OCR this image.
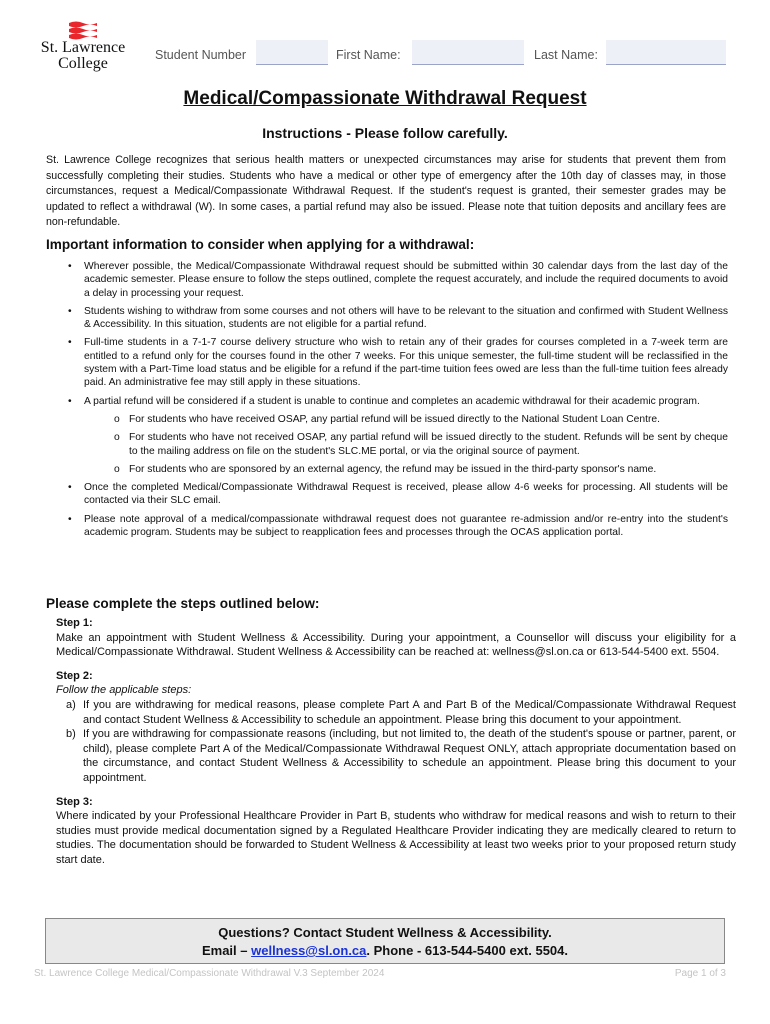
St. Lawrence
College	Student Number	First Name:	Last Name:
Medical/Compassionate Withdrawal Request
Instructions - Please follow carefully.
St. Lawrence College recognizes that serious health matters or unexpected circumstances may arise for students that prevent them from successfully completing their studies. Students who have a medical or other type of emergency after the 10th day of classes may, in those circumstances, request a Medical/Compassionate Withdrawal Request. If the student's request is granted, their semester grades may be updated to reflect a withdrawal (W). In some cases, a partial refund may also be issued. Please note that tuition deposits and ancillary fees are non-refundable.
Important information to consider when applying for a withdrawal:
• Wherever possible, the Medical/Compassionate Withdrawal request should be submitted within 30 calendar days from the last day of the academic semester. Please ensure to follow the steps outlined, complete the request accurately, and include the required documents to avoid a delay in processing your request.
• Students wishing to withdraw from some courses and not others will have to be relevant to the situation and confirmed with Student Wellness & Accessibility. In this situation, students are not eligible for a partial refund.
• Full-time students in a 7-1-7 course delivery structure who wish to retain any of their grades for courses completed in a 7-week term are entitled to a refund only for the courses found in the other 7 weeks. For this unique semester, the full-time student will be reclassified in the system with a Part-Time load status and be eligible for a refund if the part-time tuition fees owed are less than the full-time tuition fees already paid. An administrative fee may still apply in these situations.
• A partial refund will be considered if a student is unable to continue and completes an academic withdrawal for their academic program.
o For students who have received OSAP, any partial refund will be issued directly to the National Student Loan Centre.
o For students who have not received OSAP, any partial refund will be issued directly to the student. Refunds will be sent by cheque to the mailing address on file on the student's SLC.ME portal, or via the original source of payment.
o For students who are sponsored by an external agency, the refund may be issued in the third-party sponsor's name.
• Once the completed Medical/Compassionate Withdrawal Request is received, please allow 4-6 weeks for processing. All students will be contacted via their SLC email.
• Please note approval of a medical/compassionate withdrawal request does not guarantee re-admission and/or re-entry into the student's academic program. Students may be subject to reapplication fees and processes through the OCAS application portal.
Please complete the steps outlined below:
Step 1:
Make an appointment with Student Wellness & Accessibility. During your appointment, a Counsellor will discuss your eligibility for a Medical/Compassionate Withdrawal. Student Wellness & Accessibility can be reached at: wellness@sl.on.ca or 613-544-5400 ext. 5504.
Step 2:
Follow the applicable steps:
a) If you are withdrawing for medical reasons, please complete Part A and Part B of the Medical/Compassionate Withdrawal Request and contact Student Wellness & Accessibility to schedule an appointment. Please bring this document to your appointment.
b) If you are withdrawing for compassionate reasons (including, but not limited to, the death of the student's spouse or partner, parent, or child), please complete Part A of the Medical/Compassionate Withdrawal Request ONLY, attach appropriate documentation based on the circumstance, and contact Student Wellness & Accessibility to schedule an appointment. Please bring this document to your appointment.
Step 3:
Where indicated by your Professional Healthcare Provider in Part B, students who withdraw for medical reasons and wish to return to their studies must provide medical documentation signed by a Regulated Healthcare Provider indicating they are medically cleared to return to studies. The documentation should be forwarded to Student Wellness & Accessibility at least two weeks prior to your proposed return study start date.
Questions? Contact Student Wellness & Accessibility.
Email – wellness@sl.on.ca. Phone - 613-544-5400 ext. 5504.
St. Lawrence College Medical/Compassionate Withdrawal V.3 September 2024	Page 1 of 3
